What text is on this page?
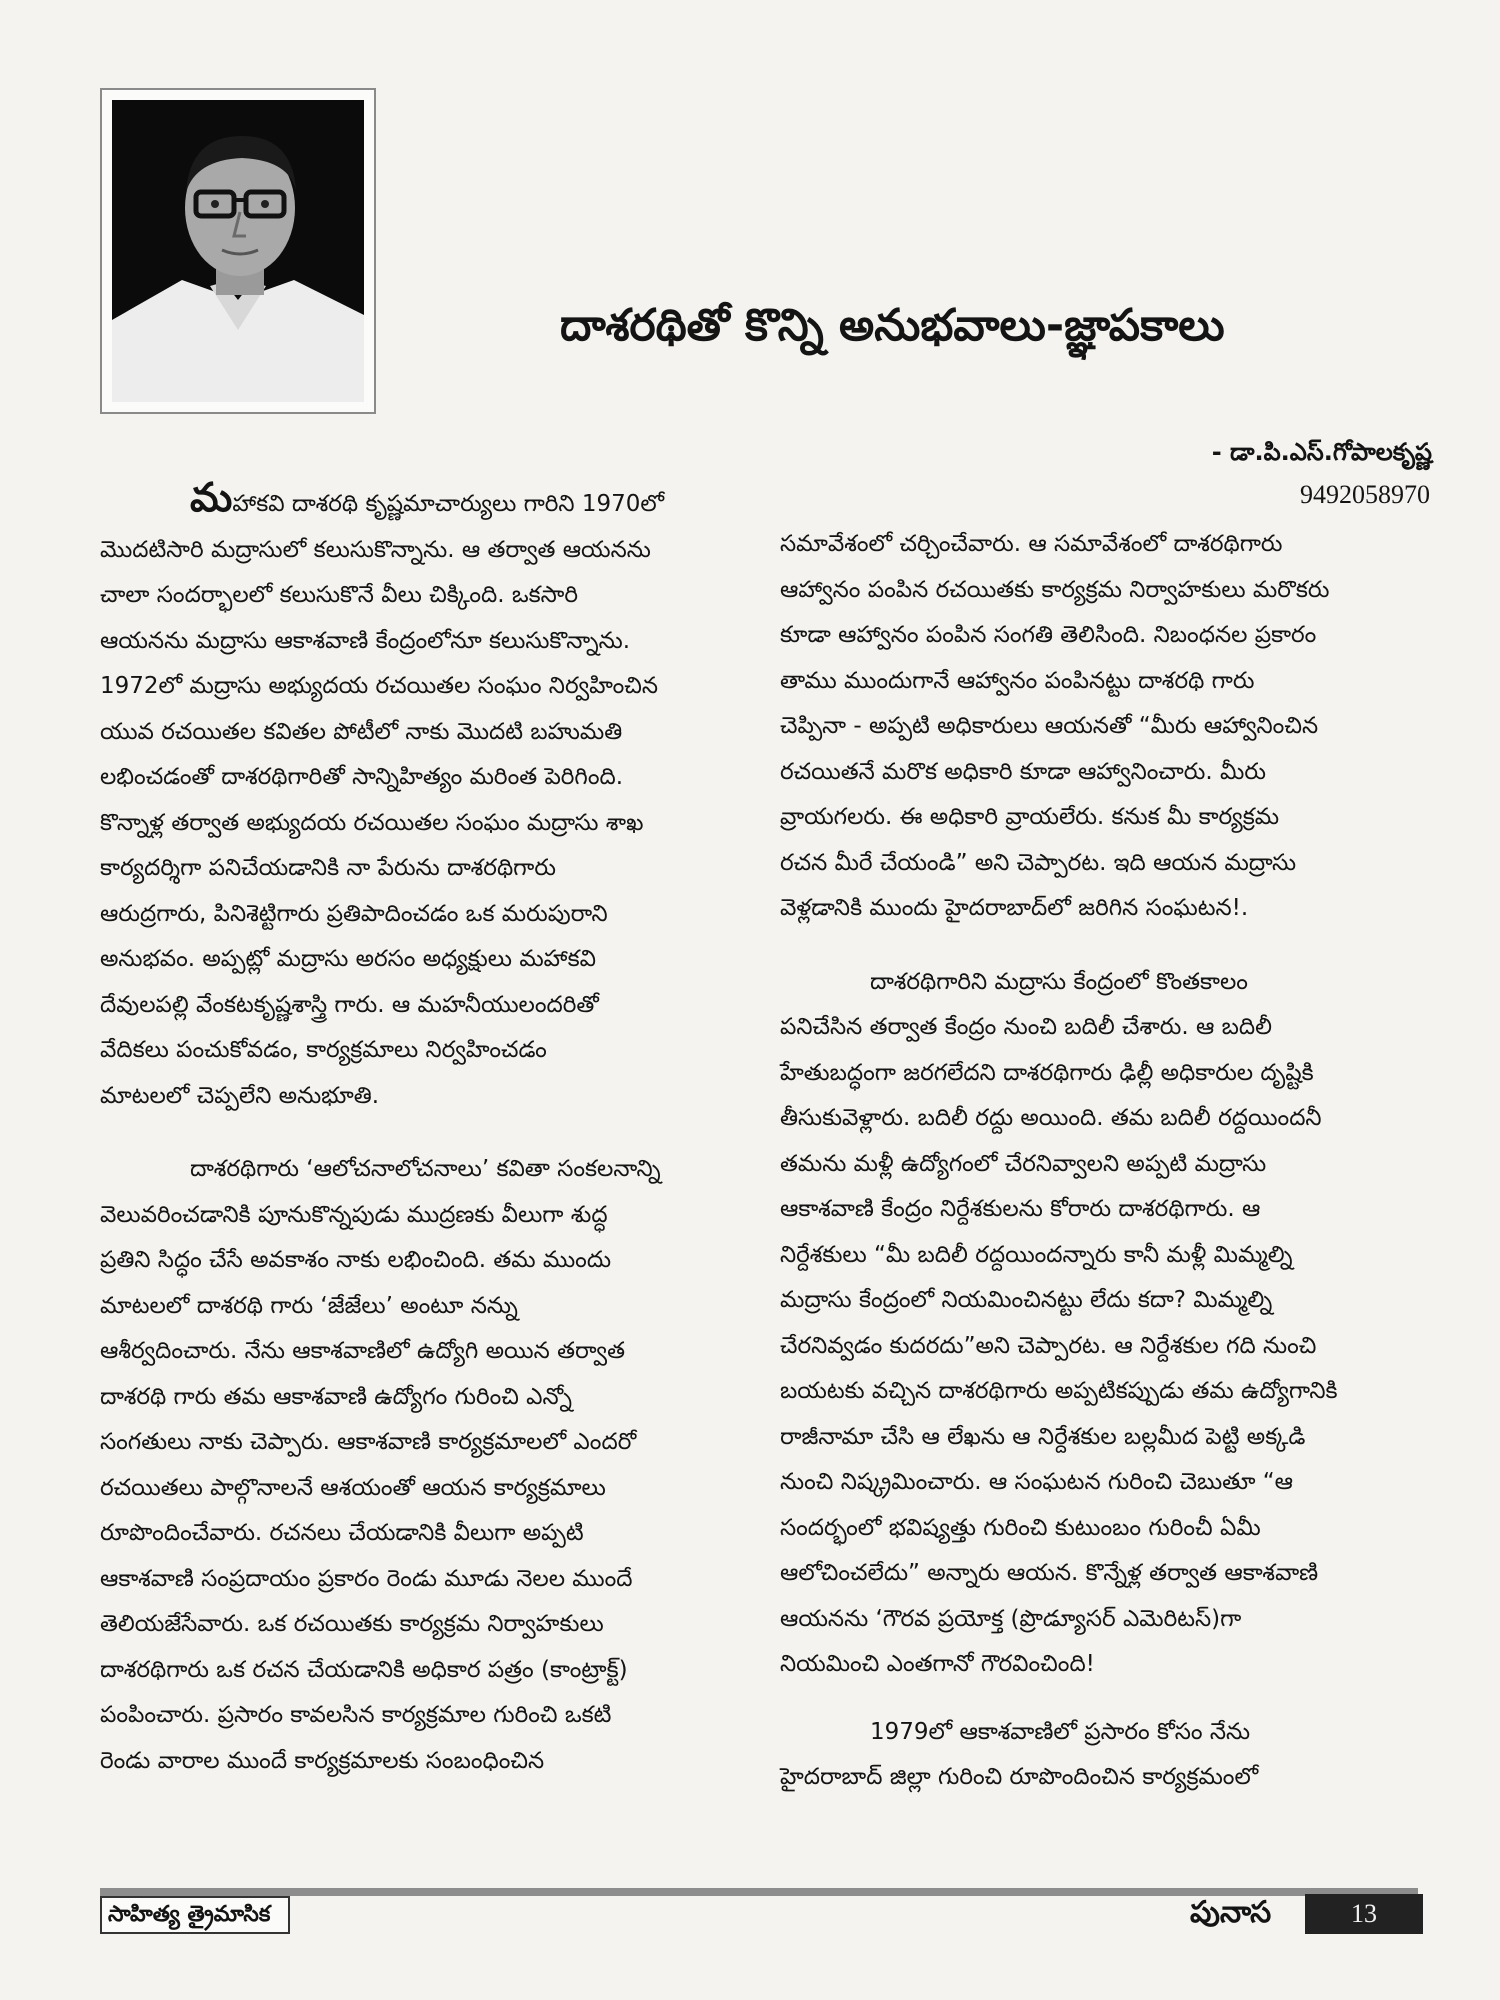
దాశరథితో కొన్ని అనుభవాలు-జ్ఞాపకాలు
- డా.పి.ఎస్.గోపాలకృష్ణ
9492058970

మహాకవి దాశరథి కృష్ణమాచార్యులు గారిని 1970లో

మొదటిసారి మద్రాసులో కలుసుకొన్నాను. ఆ తర్వాత ఆయనను

చాలా సందర్భాలలో కలుసుకొనే వీలు చిక్కింది. ఒకసారి

ఆయనను మద్రాసు ఆకాశవాణి కేంద్రంలోనూ కలుసుకొన్నాను.

1972లో మద్రాసు అభ్యుదయ రచయితల సంఘం నిర్వహించిన

యువ రచయితల కవితల పోటీలో నాకు మొదటి బహుమతి

లభించడంతో దాశరథిగారితో సాన్నిహిత్యం మరింత పెరిగింది.

కొన్నాళ్ల తర్వాత అభ్యుదయ రచయితల సంఘం మద్రాసు శాఖ

కార్యదర్శిగా పనిచేయడానికి నా పేరును దాశరథిగారు

ఆరుద్రగారు, పినిశెట్టిగారు ప్రతిపాదించడం ఒక మరుపురాని

అనుభవం. అప్పట్లో మద్రాసు అరసం అధ్యక్షులు మహాకవి

దేవులపల్లి వేంకటకృష్ణశాస్త్రి గారు. ఆ మహనీయులందరితో

వేదికలు పంచుకోవడం, కార్యక్రమాలు నిర్వహించడం

మాటలలో చెప్పలేని అనుభూతి.

దాశరథిగారు ‘ఆలోచనాలోచనాలు’ కవితా సంకలనాన్ని

వెలువరించడానికి పూనుకొన్నపుడు ముద్రణకు వీలుగా శుద్ధ

ప్రతిని సిద్ధం చేసే అవకాశం నాకు లభించింది. తమ ముందు

మాటలలో దాశరథి గారు ‘జేజేలు’ అంటూ నన్ను

ఆశీర్వదించారు. నేను ఆకాశవాణిలో ఉద్యోగి అయిన తర్వాత

దాశరథి గారు తమ ఆకాశవాణి ఉద్యోగం గురించి ఎన్నో

సంగతులు నాకు చెప్పారు. ఆకాశవాణి కార్యక్రమాలలో ఎందరో

రచయితలు పాల్గొనాలనే ఆశయంతో ఆయన కార్యక్రమాలు

రూపొందించేవారు. రచనలు చేయడానికి వీలుగా అప్పటి

ఆకాశవాణి సంప్రదాయం ప్రకారం రెండు మూడు నెలల ముందే

తెలియజేసేవారు. ఒక రచయితకు కార్యక్రమ నిర్వాహకులు

దాశరథిగారు ఒక రచన చేయడానికి అధికార పత్రం (కాంట్రాక్ట్)

పంపించారు. ప్రసారం కావలసిన కార్యక్రమాల గురించి ఒకటి

రెండు వారాల ముందే కార్యక్రమాలకు సంబంధించిన

సమావేశంలో చర్చించేవారు. ఆ సమావేశంలో దాశరథిగారు

ఆహ్వానం పంపిన రచయితకు కార్యక్రమ నిర్వాహకులు మరొకరు

కూడా ఆహ్వానం పంపిన సంగతి తెలిసింది. నిబంధనల ప్రకారం

తాము ముందుగానే ఆహ్వానం పంపినట్టు దాశరథి గారు

చెప్పినా - అప్పటి అధికారులు ఆయనతో “మీరు ఆహ్వానించిన

రచయితనే మరొక అధికారి కూడా ఆహ్వానించారు. మీరు

వ్రాయగలరు. ఈ అధికారి వ్రాయలేరు. కనుక మీ కార్యక్రమ

రచన మీరే చేయండి” అని చెప్పారట. ఇది ఆయన మద్రాసు

వెళ్లడానికి ముందు హైదరాబాద్‌లో జరిగిన సంఘటన!.

దాశరథిగారిని మద్రాసు కేంద్రంలో కొంతకాలం

పనిచేసిన తర్వాత కేంద్రం నుంచి బదిలీ చేశారు. ఆ బదిలీ

హేతుబద్ధంగా జరగలేదని దాశరథిగారు ఢిల్లీ అధికారుల దృష్టికి

తీసుకువెళ్లారు. బదిలీ రద్దు అయింది. తమ బదిలీ రద్దయిందనీ

తమను మళ్లీ ఉద్యోగంలో చేరనివ్వాలని అప్పటి మద్రాసు

ఆకాశవాణి కేంద్రం నిర్దేశకులను కోరారు దాశరథిగారు. ఆ

నిర్దేశకులు “మీ బదిలీ రద్దయిందన్నారు కానీ మళ్లీ మిమ్మల్ని

మద్రాసు కేంద్రంలో నియమించినట్టు లేదు కదా? మిమ్మల్ని

చేరనివ్వడం కుదరదు”అని చెప్పారట. ఆ నిర్దేశకుల గది నుంచి

బయటకు వచ్చిన దాశరథిగారు అప్పటికప్పుడు తమ ఉద్యోగానికి

రాజీనామా చేసి ఆ లేఖను ఆ నిర్దేశకుల బల్లమీద పెట్టి అక్కడి

నుంచి నిష్క్రమించారు. ఆ సంఘటన గురించి చెబుతూ “ఆ

సందర్భంలో భవిష్యత్తు గురించి కుటుంబం గురించీ ఏమీ

ఆలోచించలేదు” అన్నారు ఆయన. కొన్నేళ్ల తర్వాత ఆకాశవాణి

ఆయనను ‘గౌరవ ప్రయోక్త (ప్రొడ్యూసర్ ఎమెరిటస్)గా

నియమించి ఎంతగానో గౌరవించింది!

1979లో ఆకాశవాణిలో ప్రసారం కోసం నేను

హైదరాబాద్ జిల్లా గురించి రూపొందించిన కార్యక్రమంలో

సాహిత్య త్రైమాసిక	పునాస	13
